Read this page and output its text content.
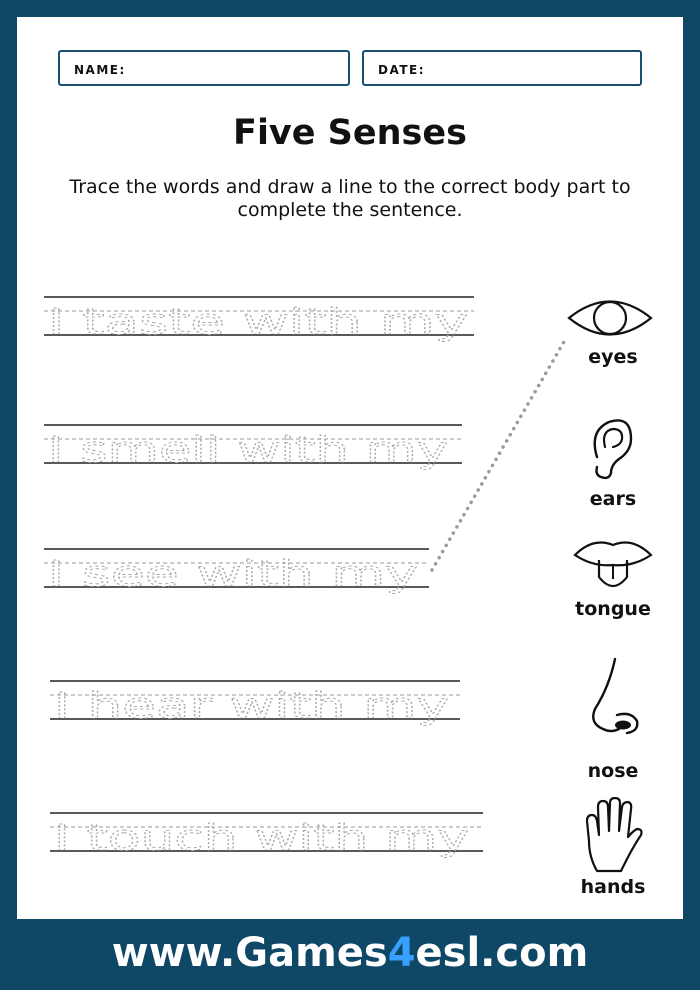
NAME:	DATE:
Five Senses
Trace the words and draw a line to the correct body part to complete the sentence.
I taste with my
I smell with my
I see with my
I hear with my
I touch with my
eyes
ears
tongue
nose
hands
www.Games4esl.com
